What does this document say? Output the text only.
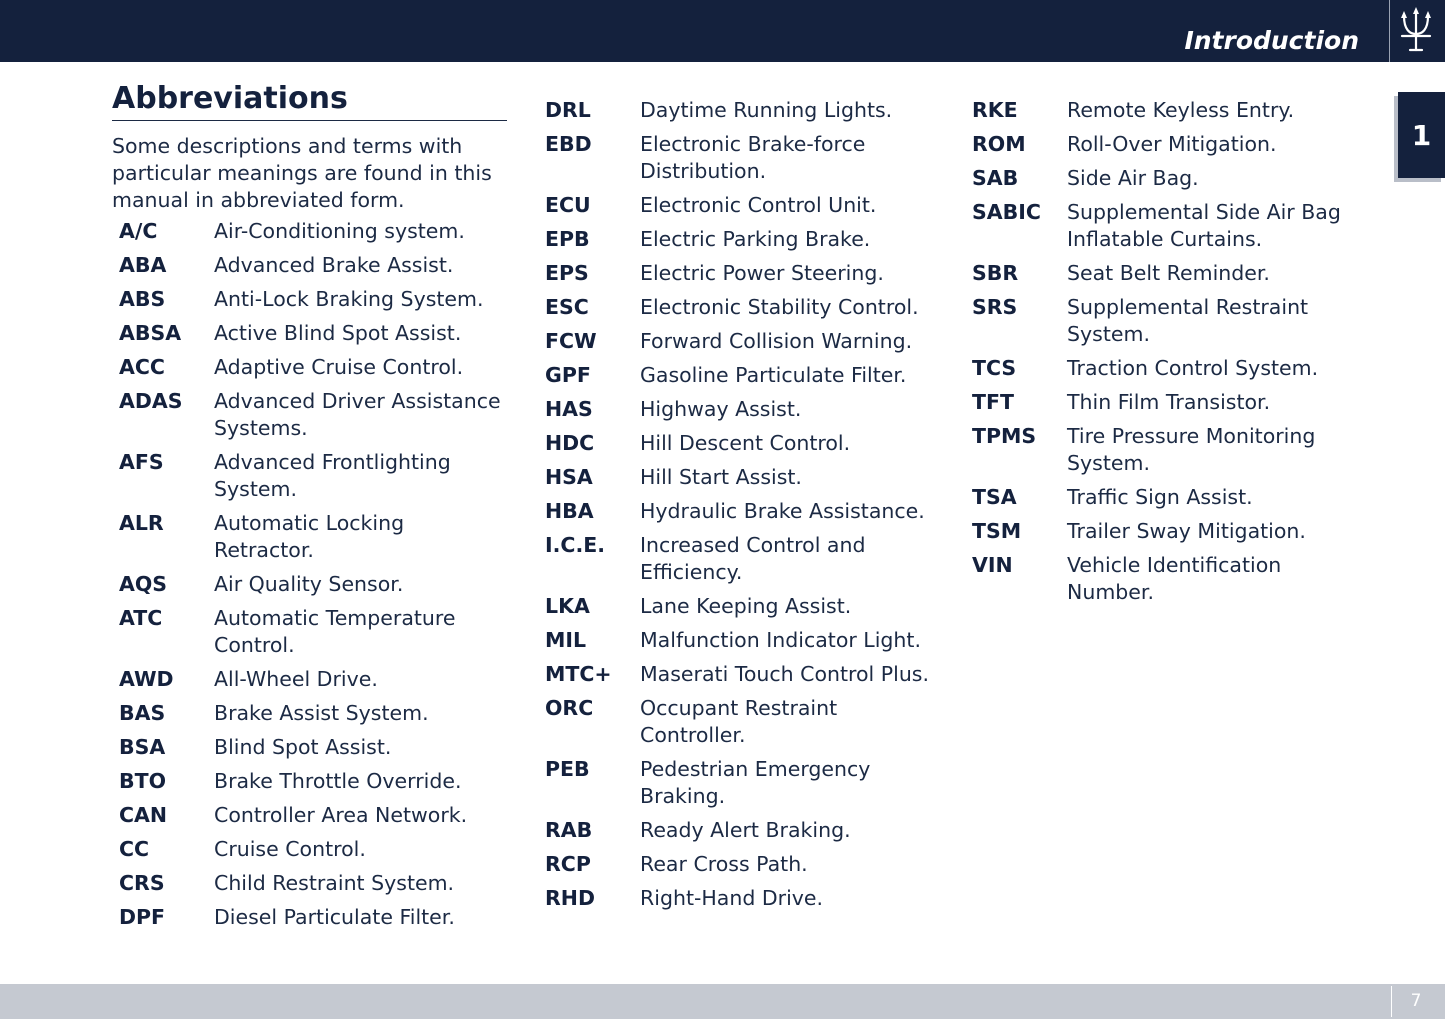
Introduction
1
Abbreviations

Some descriptions and terms with particular meanings are found in this manual in abbreviated form.

A/C	Air-Conditioning system.
ABA	Advanced Brake Assist.
ABS	Anti-Lock Braking System.
ABSA	Active Blind Spot Assist.
ACC	Adaptive Cruise Control.
ADAS	Advanced Driver Assistance Systems.
AFS	Advanced Frontlighting System.
ALR	Automatic Locking Retractor.
AQS	Air Quality Sensor.
ATC	Automatic Temperature Control.
AWD	All-Wheel Drive.
BAS	Brake Assist System.
BSA	Blind Spot Assist.
BTO	Brake Throttle Override.
CAN	Controller Area Network.
CC	Cruise Control.
CRS	Child Restraint System.
DPF	Diesel Particulate Filter.
DRL	Daytime Running Lights.
EBD	Electronic Brake-force Distribution.
ECU	Electronic Control Unit.
EPB	Electric Parking Brake.
EPS	Electric Power Steering.
ESC	Electronic Stability Control.
FCW	Forward Collision Warning.
GPF	Gasoline Particulate Filter.
HAS	Highway Assist.
HDC	Hill Descent Control.
HSA	Hill Start Assist.
HBA	Hydraulic Brake Assistance.
I.C.E.	Increased Control and Efficiency.
LKA	Lane Keeping Assist.
MIL	Malfunction Indicator Light.
MTC+	Maserati Touch Control Plus.
ORC	Occupant Restraint Controller.
PEB	Pedestrian Emergency Braking.
RAB	Ready Alert Braking.
RCP	Rear Cross Path.
RHD	Right-Hand Drive.
RKE	Remote Keyless Entry.
ROM	Roll-Over Mitigation.
SAB	Side Air Bag.
SABIC	Supplemental Side Air Bag Inflatable Curtains.
SBR	Seat Belt Reminder.
SRS	Supplemental Restraint System.
TCS	Traction Control System.
TFT	Thin Film Transistor.
TPMS	Tire Pressure Monitoring System.
TSA	Traffic Sign Assist.
TSM	Trailer Sway Mitigation.
VIN	Vehicle Identification Number.
7
